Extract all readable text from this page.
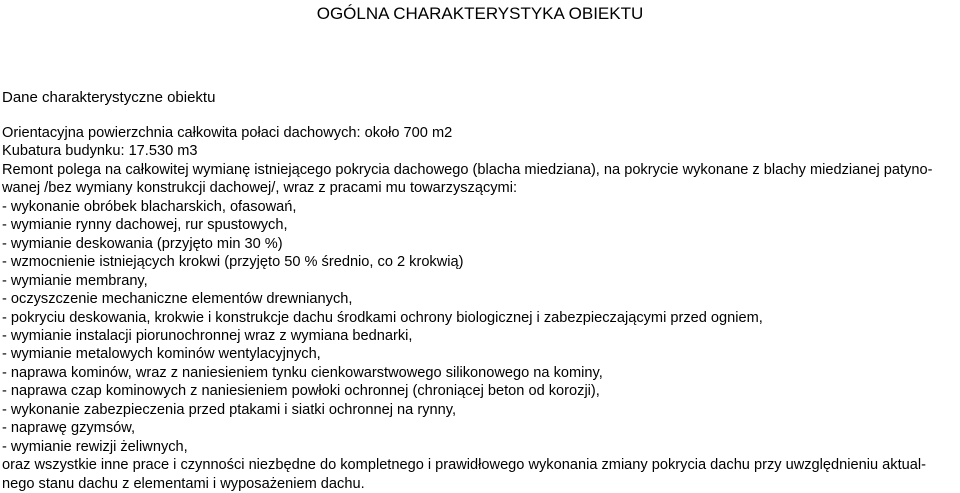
OGÓLNA CHARAKTERYSTYKA OBIEKTU
Dane charakterystyczne obiektu
Orientacyjna powierzchnia całkowita połaci dachowych: około 700 m2
Kubatura budynku: 17.530 m3
Remont polega na całkowitej wymianę istniejącego pokrycia dachowego (blacha miedziana), na pokrycie wykonane z blachy miedzianej patyno-
wanej /bez wymiany konstrukcji dachowej/, wraz z pracami mu towarzyszącymi:
- wykonanie obróbek blacharskich, ofasowań,
- wymianie rynny dachowej, rur spustowych,
- wymianie deskowania (przyjęto min 30 %)
- wzmocnienie istniejących krokwi (przyjęto 50 % średnio, co 2 krokwią)
- wymianie membrany,
- oczyszczenie mechaniczne elementów drewnianych,
- pokryciu deskowania, krokwie i konstrukcje dachu środkami ochrony biologicznej i zabezpieczającymi przed ogniem,
- wymianie instalacji piorunochronnej wraz z wymiana bednarki,
- wymianie metalowych kominów wentylacyjnych,
- naprawa kominów, wraz z naniesieniem tynku cienkowarstwowego silikonowego na kominy,
- naprawa czap kominowych z naniesieniem powłoki ochronnej (chroniącej beton od korozji),
- wykonanie zabezpieczenia przed ptakami i siatki ochronnej na rynny,
- naprawę gzymsów,
- wymianie rewizji żeliwnych,
oraz wszystkie inne prace i czynności niezbędne do kompletnego i prawidłowego wykonania zmiany pokrycia dachu przy uwzględnieniu aktual-
nego stanu dachu z elementami i wyposażeniem dachu.
